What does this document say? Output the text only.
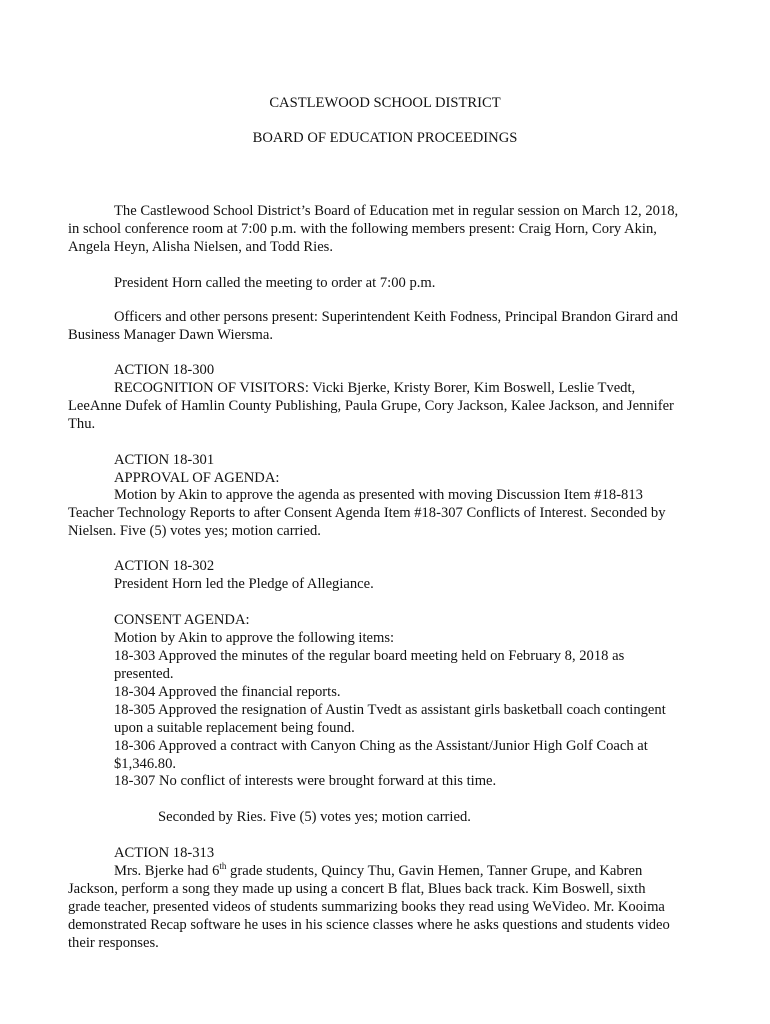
CASTLEWOOD SCHOOL DISTRICT
BOARD OF EDUCATION PROCEEDINGS
The Castlewood School District’s Board of Education met in regular session on March 12, 2018,
in school conference room at 7:00 p.m. with the following members present: Craig Horn, Cory Akin,
Angela Heyn, Alisha Nielsen, and Todd Ries.
President Horn called the meeting to order at 7:00 p.m.
Officers and other persons present: Superintendent Keith Fodness, Principal Brandon Girard and
Business Manager Dawn Wiersma.
ACTION 18-300
RECOGNITION OF VISITORS: Vicki Bjerke, Kristy Borer, Kim Boswell, Leslie Tvedt,
LeeAnne Dufek of Hamlin County Publishing, Paula Grupe, Cory Jackson, Kalee Jackson, and Jennifer
Thu.
ACTION 18-301
APPROVAL OF AGENDA:
Motion by Akin to approve the agenda as presented with moving Discussion Item #18-813
Teacher Technology Reports to after Consent Agenda Item #18-307 Conflicts of Interest. Seconded by
Nielsen. Five (5) votes yes; motion carried.
ACTION 18-302
President Horn led the Pledge of Allegiance.
CONSENT AGENDA:
Motion by Akin to approve the following items:
18-303 Approved the minutes of the regular board meeting held on February 8, 2018 as
presented.
18-304 Approved the financial reports.
18-305 Approved the resignation of Austin Tvedt as assistant girls basketball coach contingent
upon a suitable replacement being found.
18-306 Approved a contract with Canyon Ching as the Assistant/Junior High Golf Coach at
$1,346.80.
18-307 No conflict of interests were brought forward at this time.
Seconded by Ries. Five (5) votes yes; motion carried.
ACTION 18-313
Mrs. Bjerke had 6th grade students, Quincy Thu, Gavin Hemen, Tanner Grupe, and Kabren
Jackson, perform a song they made up using a concert B flat, Blues back track. Kim Boswell, sixth
grade teacher, presented videos of students summarizing books they read using WeVideo. Mr. Kooima
demonstrated Recap software he uses in his science classes where he asks questions and students video
their responses.
